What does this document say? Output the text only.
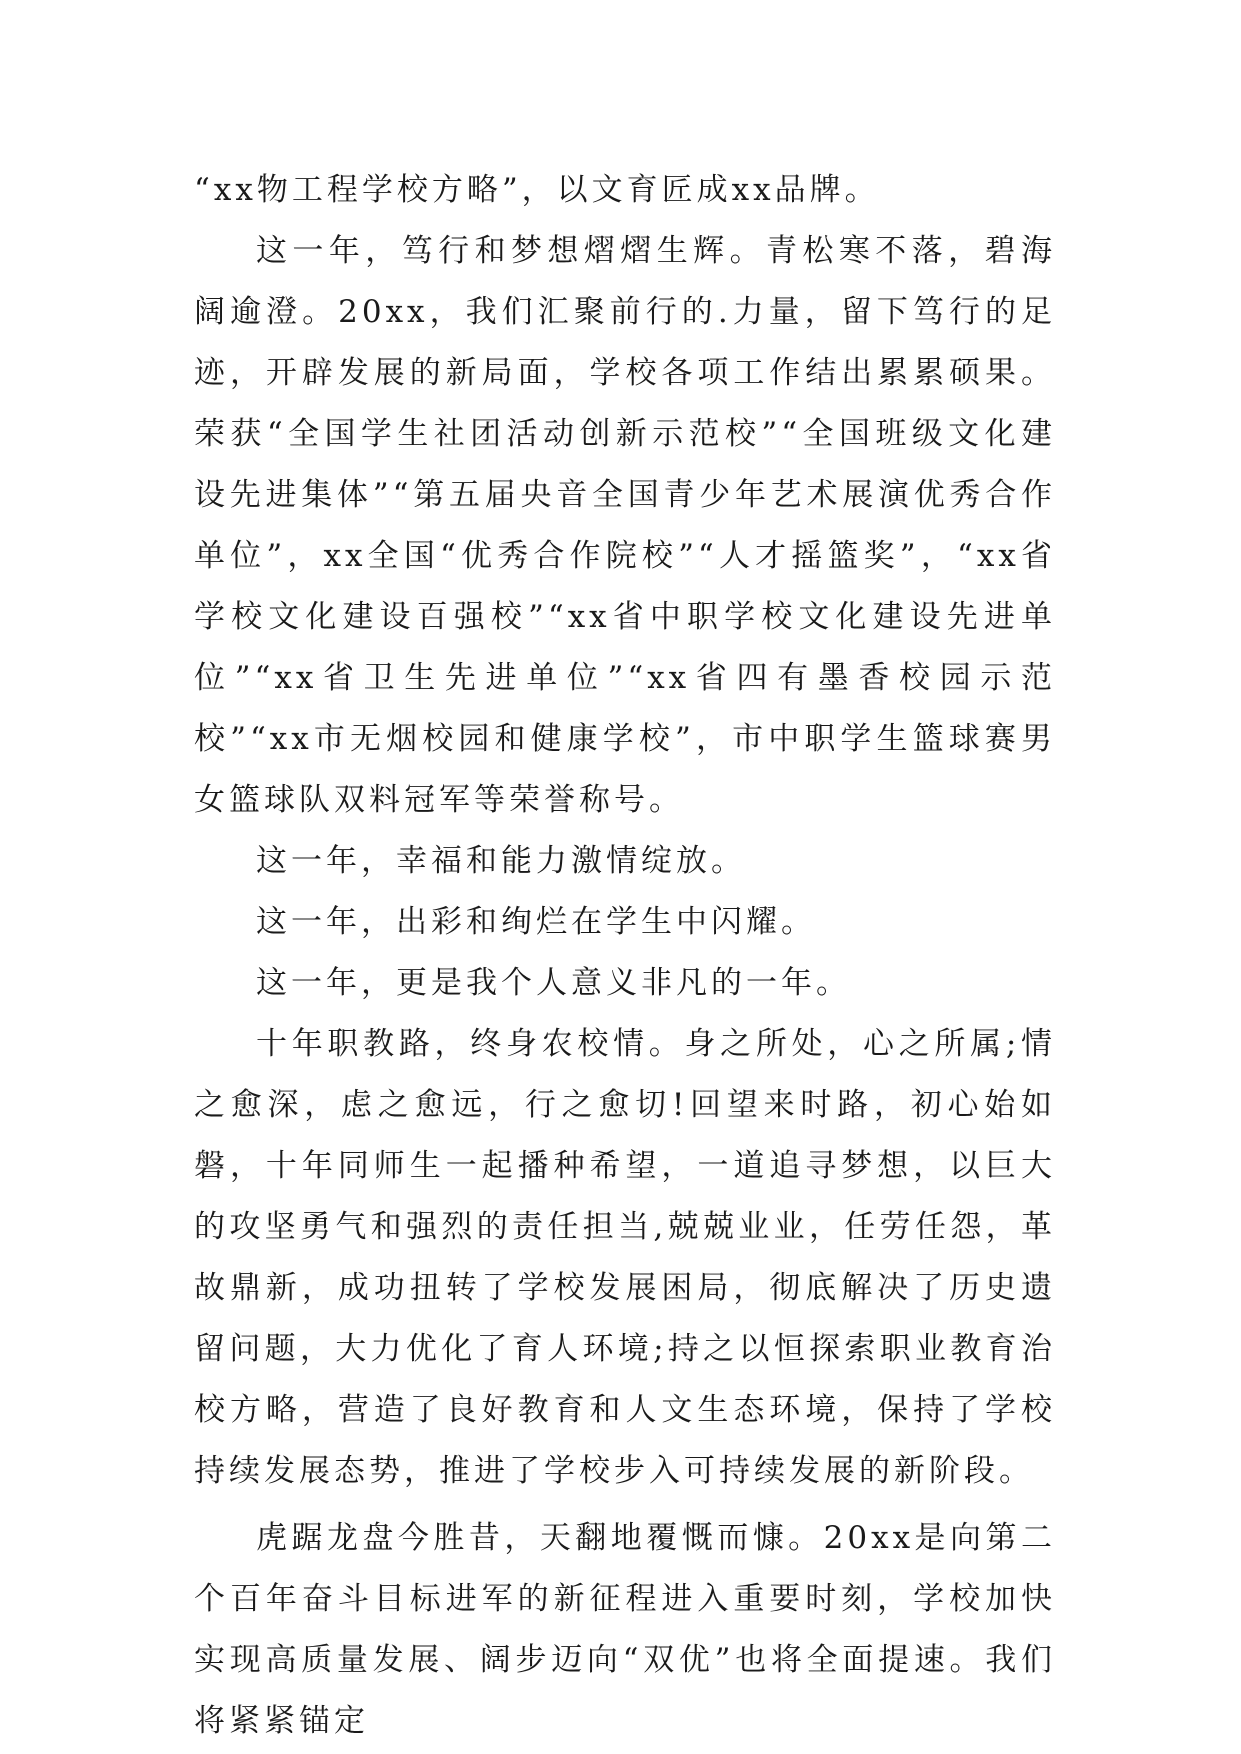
“xx物工程学校方略”，以文育匠成xx品牌。

这一年，笃行和梦想熠熠生辉。青松寒不落，碧海阔逾澄。20xx，我们汇聚前行的.力量，留下笃行的足迹，开辟发展的新局面，学校各项工作结出累累硕果。荣获“全国学生社团活动创新示范校”“全国班级文化建设先进集体”“第五届央音全国青少年艺术展演优秀合作单位”，xx全国“优秀合作院校”“人才摇篮奖”，“xx省学校文化建设百强校”“xx省中职学校文化建设先进单位”“xx省卫生先进单位”“xx省四有墨香校园示范校”“xx市无烟校园和健康学校”，市中职学生篮球赛男女篮球队双料冠军等荣誉称号。

这一年，幸福和能力激情绽放。

这一年，出彩和绚烂在学生中闪耀。

这一年，更是我个人意义非凡的一年。

十年职教路，终身农校情。身之所处，心之所属;情之愈深，虑之愈远，行之愈切!回望来时路，初心始如磐，十年同师生一起播种希望，一道追寻梦想，以巨大的攻坚勇气和强烈的责任担当,兢兢业业，任劳任怨，革故鼎新，成功扭转了学校发展困局，彻底解决了历史遗留问题，大力优化了育人环境;持之以恒探索职业教育治校方略，营造了良好教育和人文生态环境，保持了学校持续发展态势，推进了学校步入可持续发展的新阶段。

虎踞龙盘今胜昔，天翻地覆慨而慷。20xx是向第二个百年奋斗目标进军的新征程进入重要时刻，学校加快实现高质量发展、阔步迈向“双优”也将全面提速。我们将紧紧锚定
